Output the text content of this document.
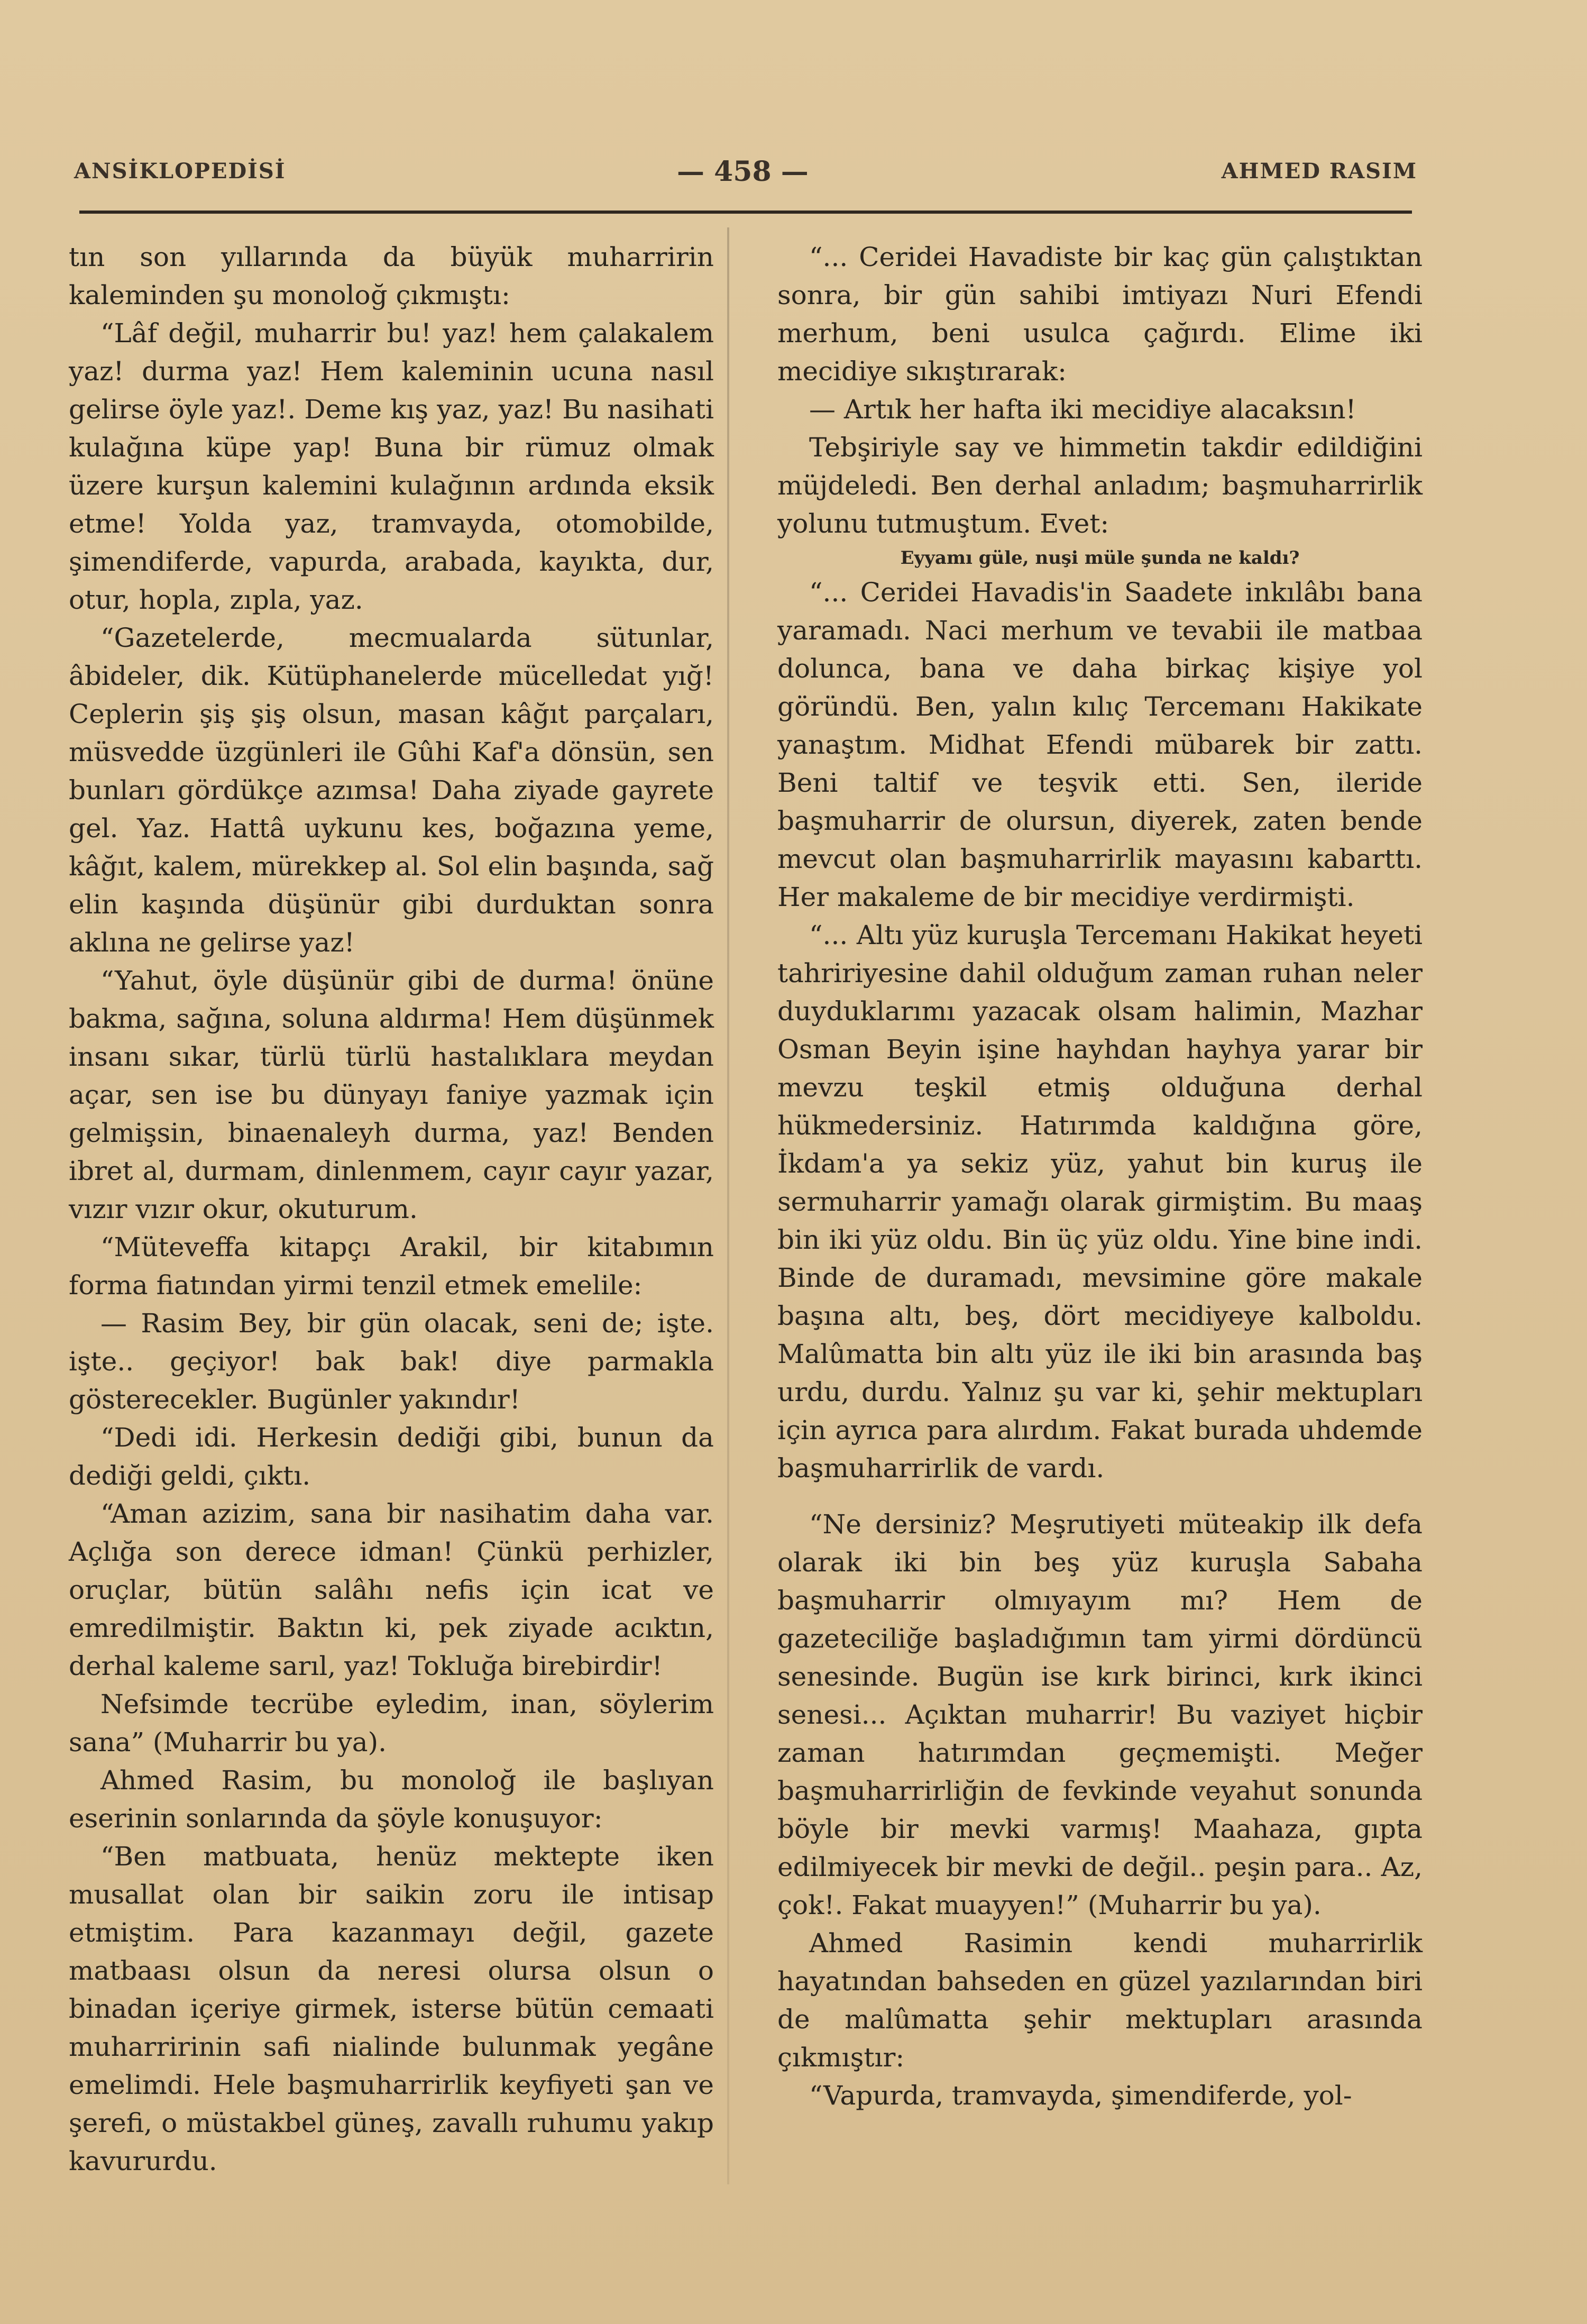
ANSİKLOPEDİSİ	— 458 —	AHMED RASIM

tın son yıllarında da büyük muharririn kaleminden şu monoloğ çıkmıştı:

“Lâf değil, muharrir bu! yaz! hem çalakalem yaz! durma yaz! Hem kaleminin ucuna nasıl gelirse öyle yaz!. Deme kış yaz, yaz! Bu nasihati kulağına küpe yap! Buna bir rümuz olmak üzere kurşun kalemini kulağının ardında eksik etme! Yolda yaz, tramvayda, otomobilde, şimendiferde, vapurda, arabada, kayıkta, dur, otur, hopla, zıpla, yaz.

“Gazetelerde, mecmualarda sütunlar, âbideler, dik. Kütüphanelerde mücelledat yığ! Ceplerin şiş şiş olsun, masan kâğıt parçaları, müsvedde üzgünleri ile Gûhi Kaf'a dönsün, sen bunları gördükçe azımsa! Daha ziyade gayrete gel. Yaz. Hattâ uykunu kes, boğazına yeme, kâğıt, kalem, mürekkep al. Sol elin başında, sağ elin kaşında düşünür gibi durduktan sonra aklına ne gelirse yaz!

“Yahut, öyle düşünür gibi de durma! önüne bakma, sağına, soluna aldırma! Hem düşünmek insanı sıkar, türlü türlü hastalıklara meydan açar, sen ise bu dünyayı faniye yazmak için gelmişsin, binaenaleyh durma, yaz! Benden ibret al, durmam, dinlenmem, cayır cayır yazar, vızır vızır okur, okuturum.

“Müteveffa kitapçı Arakil, bir kitabımın forma fiatından yirmi tenzil etmek emelile:

— Rasim Bey, bir gün olacak, seni de; işte. işte.. geçiyor! bak bak! diye parmakla gösterecekler. Bugünler yakındır!

“Dedi idi. Herkesin dediği gibi, bunun da dediği geldi, çıktı.

“Aman azizim, sana bir nasihatim daha var. Açlığa son derece idman! Çünkü perhizler, oruçlar, bütün salâhı nefis için icat ve emredilmiştir. Baktın ki, pek ziyade acıktın, derhal kaleme sarıl, yaz! Tokluğa birebirdir!

Nefsimde tecrübe eyledim, inan, söylerim sana” (Muharrir bu ya).

Ahmed Rasim, bu monoloğ ile başlıyan eserinin sonlarında da şöyle konuşuyor:

“Ben matbuata, henüz mektepte iken musallat olan bir saikin zoru ile intisap etmiştim. Para kazanmayı değil, gazete matbaası olsun da neresi olursa olsun o binadan içeriye girmek, isterse bütün cemaati muharririnin safi nialinde bulunmak yegâne emelimdi. Hele başmuharrirlik keyfiyeti şan ve şerefi, o müstakbel güneş, zavallı ruhumu yakıp kavururdu.

“... Ceridei Havadiste bir kaç gün çalıştıktan sonra, bir gün sahibi imtiyazı Nuri Efendi merhum, beni usulca çağırdı. Elime iki mecidiye sıkıştırarak:

— Artık her hafta iki mecidiye alacaksın!

Tebşiriyle say ve himmetin takdir edildiğini müjdeledi. Ben derhal anladım; başmuharrirlik yolunu tutmuştum. Evet:

Eyyamı güle, nuşi müle şunda ne kaldı?

“... Ceridei Havadis'in Saadete inkılâbı bana yaramadı. Naci merhum ve tevabii ile matbaa dolunca, bana ve daha birkaç kişiye yol göründü. Ben, yalın kılıç Tercemanı Hakikate yanaştım. Midhat Efendi mübarek bir zattı. Beni taltif ve teşvik etti. Sen, ileride başmuharrir de olursun, diyerek, zaten bende mevcut olan başmuharrirlik mayasını kabarttı. Her makaleme de bir mecidiye verdirmişti.

“... Altı yüz kuruşla Tercemanı Hakikat heyeti tahririyesine dahil olduğum zaman ruhan neler duyduklarımı yazacak olsam halimin, Mazhar Osman Beyin işine hayhdan hayhya yarar bir mevzu teşkil etmiş olduğuna derhal hükmedersiniz. Hatırımda kaldığına göre, İkdam'a ya sekiz yüz, yahut bin kuruş ile sermuharrir yamağı olarak girmiştim. Bu maaş bin iki yüz oldu. Bin üç yüz oldu. Yine bine indi. Binde de duramadı, mevsimine göre makale başına altı, beş, dört mecidiyeye kalboldu. Malûmatta bin altı yüz ile iki bin arasında baş urdu, durdu. Yalnız şu var ki, şehir mektupları için ayrıca para alırdım. Fakat burada uhdemde başmuharrirlik de vardı.

“Ne dersiniz? Meşrutiyeti müteakip ilk defa olarak iki bin beş yüz kuruşla Sabaha başmuharrir olmıyayım mı? Hem de gazeteciliğe başladığımın tam yirmi dördüncü senesinde. Bugün ise kırk birinci, kırk ikinci senesi... Açıktan muharrir! Bu vaziyet hiçbir zaman hatırımdan geçmemişti. Meğer başmuharrirliğin de fevkinde veyahut sonunda böyle bir mevki varmış! Maahaza, gıpta edilmiyecek bir mevki de değil.. peşin para.. Az, çok!. Fakat muayyen!” (Muharrir bu ya).

Ahmed Rasimin kendi muharrirlik hayatından bahseden en güzel yazılarından biri de malûmatta şehir mektupları arasında çıkmıştır:

“Vapurda, tramvayda, şimendiferde, yol-
